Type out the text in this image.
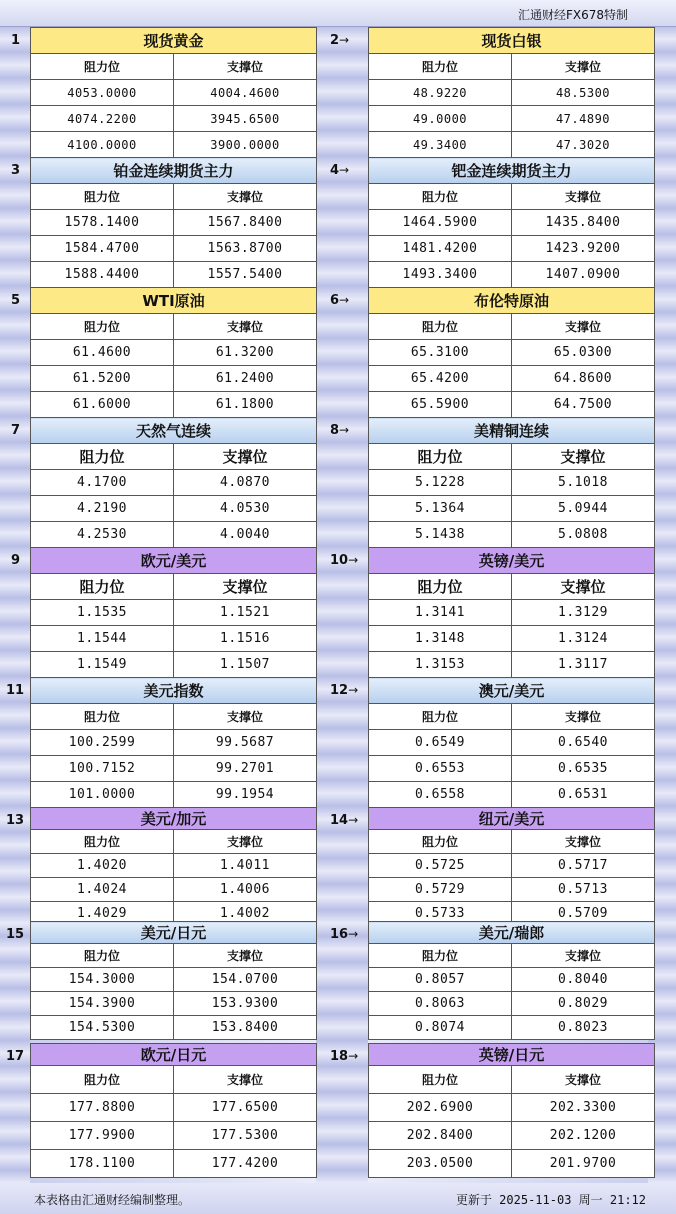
汇通财经FX678特制
1	现货黄金	
阻力位	支撑位
4053.0000	4004.4600
4074.2200	3945.6500
4100.0000	3900.0000
2→	现货白银	
阻力位	支撑位
48.9220	48.5300
49.0000	47.4890
49.3400	47.3020
3	铂金连续期货主力	
阻力位	支撑位
1578.1400	1567.8400
1584.4700	1563.8700
1588.4400	1557.5400
4→	钯金连续期货主力	
阻力位	支撑位
1464.5900	1435.8400
1481.4200	1423.9200
1493.3400	1407.0900
5	WTI原油	
阻力位	支撑位
61.4600	61.3200
61.5200	61.2400
61.6000	61.1800
6→	布伦特原油	
阻力位	支撑位
65.3100	65.0300
65.4200	64.8600
65.5900	64.7500
7	天然气连续	
阻力位	支撑位
4.1700	4.0870
4.2190	4.0530
4.2530	4.0040
8→	美精铜连续	
阻力位	支撑位
5.1228	5.1018
5.1364	5.0944
5.1438	5.0808
9	欧元/美元	
阻力位	支撑位
1.1535	1.1521
1.1544	1.1516
1.1549	1.1507
10→	英镑/美元	
阻力位	支撑位
1.3141	1.3129
1.3148	1.3124
1.3153	1.3117
11	美元指数	
阻力位	支撑位
100.2599	99.5687
100.7152	99.2701
101.0000	99.1954
12→	澳元/美元	
阻力位	支撑位
0.6549	0.6540
0.6553	0.6535
0.6558	0.6531
13	美元/加元	
阻力位	支撑位
1.4020	1.4011
1.4024	1.4006
1.4029	1.4002
14→	纽元/美元	
阻力位	支撑位
0.5725	0.5717
0.5729	0.5713
0.5733	0.5709
15	美元/日元	
阻力位	支撑位
154.3000	154.0700
154.3900	153.9300
154.5300	153.8400
16→	美元/瑞郎	
阻力位	支撑位
0.8057	0.8040
0.8063	0.8029
0.8074	0.8023
17	欧元/日元	
阻力位	支撑位
177.8800	177.6500
177.9900	177.5300
178.1100	177.4200
18→	英镑/日元	
阻力位	支撑位
202.6900	202.3300
202.8400	202.1200
203.0500	201.9700
本表格由汇通财经编制整理。	更新于 2025-11-03 周一 21:12
